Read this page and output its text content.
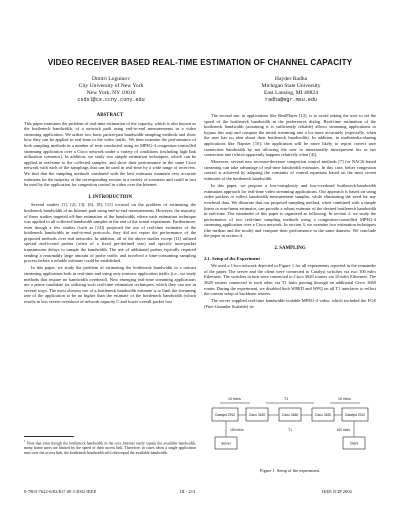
VIDEO RECEIVER BASED REAL-TIME ESTIMATION OF CHANNEL CAPACITY
Dmitri Loguinov
City University of New York
New York, NY 10016
csdsl@cs.ccny.cuny.edu
Hayder Radha
Michigan State University
East Lansing, MI 48824
radha@egr.msu.edu
ABSTRACT

This paper examines the problem of real-time estimation of the capacity, which is also known as the bottleneck bandwidth, of a network path using end-to-end measurements in a video streaming application. We utilize two basic packet-pair bandwidth-sampling methods and show how they can be applied in real-time to the video traffic. We then examine the performance of both sampling methods in a number of tests conducted using an MPEG-4 congestion-controlled streaming application over a Cisco network under a variety of conditions (including high link utilization scenarios). In addition, we study two simple estimation techniques, which can be applied in real-time to the collected samples, and show their performance in the same Cisco network with each of the samplings that can be used in real-time by a wide range of receivers. We find that the sampling methods combined with the best estimator maintain very accurate estimates for the majority of the corresponding session in a variety of scenarios and could in fact be used by the application for congestion control in video over the Internet.

1. INTRODUCTION

Several studies [1], [2], [3], [6], [8], [11] focused on the problem of estimating the bottleneck bandwidth of an Internet path using end-to-end measurements. However, the majority of these studies targeted off-line estimation of the bandwidth, where each estimation technique was applied to all collected bandwidth samples at the end of the actual experiment. Furthermore, even though a few studies (such as [14]) proposed the use of real-time estimates of the bottleneck bandwidth in end-to-end protocols, they did not report the performance of the proposed methods over real networks. In addition, all of the above studies except [11] utilized special end-to-end probes (often of a fixed pre-defined size) and specific inter-packet transmission delays to sample the bandwidth. The use of additional probes typically required sending a reasonably large amount of probe traffic and involved a time-consuming sampling process before a reliable estimate could be established.

In this paper, we study the problem of estimating the bottleneck bandwidth in a unicast streaming application both in real-time and using only intrinsic application traffic (i.e., we study methods that require no bandwidth overhead). New emerging real-time streaming applications are a prime candidate for utilizing such real-time estimation techniques, which they can use in several ways. The most obvious use of a bottleneck bandwidth estimate is to limit the streaming rate of the application to be no higher than the estimate of the bottleneck bandwidth (which results in less severe overshoot of network capacity C and lower overall packet loss

$^1$ Note that even though the bottleneck bandwidth in the core Internet rarely equals the available bandwidth, many home users are limited by the speed of their access link. Therefore, in cases when a single application runs over the access link, the bottleneck bandwidth will often equal the available bandwidth.

The second use, in applications like RealPlayer [13], is to avoid asking the user to set the speed of the bottleneck bandwidth in the preferences dialog. Real-time estimation of the bottleneck bandwidth (assuming it is sufficiently reliable) allows streaming applications to bypass this step and compute the initial streaming rate a lot more accurately (especially, when the user has no idea about their bottleneck bandwidth). In addition, in multimedia-sharing applications like Napster [10], the application will be more likely to report correct user connection bandwidth by not allowing the user to intentionally misrepresent his or her connection rate (which apparently happens relatively often [4]).

Moreover, several new increase-decrease congestion control methods [7] (or NACK-based streaming can take advantage of real-time bandwidth estimates. In this case, better congestion control is achieved by adapting the constants of control equations based on the most recent estimates of the bottleneck bandwidth.

In this paper, we propose a low-complexity and low-overhead bottleneck-bandwidth estimation approach for real-time video streaming applications. Our approach is based on using video packets to collect bandwidth measurement samples, while eliminating the need for any overhead data. We illustrate that our proposed sampling method, when combined with a simple linear or non-linear estimator, can provide a robust estimate of the desired bottleneck bandwidth in real-time. The remainder of this paper is organized as following. In section 2, we study the performance of two real-time sampling methods using a congestion-controlled MPEG-4 streaming application over a Cisco network. In section 3, we examine two estimation techniques (the median and the mode) and compare their performance in the same datasets. We conclude the paper in section 4.

2. SAMPLING
2.1. Setup of the Experiment

We used a Cisco network depicted in Figure 1 for all experiments reported in the remainder of the paper. The server and the client were connected to Catalyst switches via two 100 mb/s Ethernets. The switches in turn were connected to Cisco 3620 routers via 10 mb/s Ethernets. The 3620 routers connected to each other via T1 links passing through an additional Cisco 3660 router. During the experiment, we disabled both WRED and WFQ on all T1 interfaces to reflect the current setup of backbone routers.

The server supplied real-time bandwidth-scalable MPEG-4 video, which included the FGS (Fine-Granular Scalable) in-

10 mb/s	T1	10 mb/s
Catalyst 2912	Cisco 3620	Cisco 3660	Cisco 3620	Catalyst 2912
Server	Client
100 mb/s	T1	100 mb/s
Figure 1. Setup of the experiment.
0-7803-7622-6/02/$17.00 ©2002 IEEE	III - 213	IEEE ICIP 2002
